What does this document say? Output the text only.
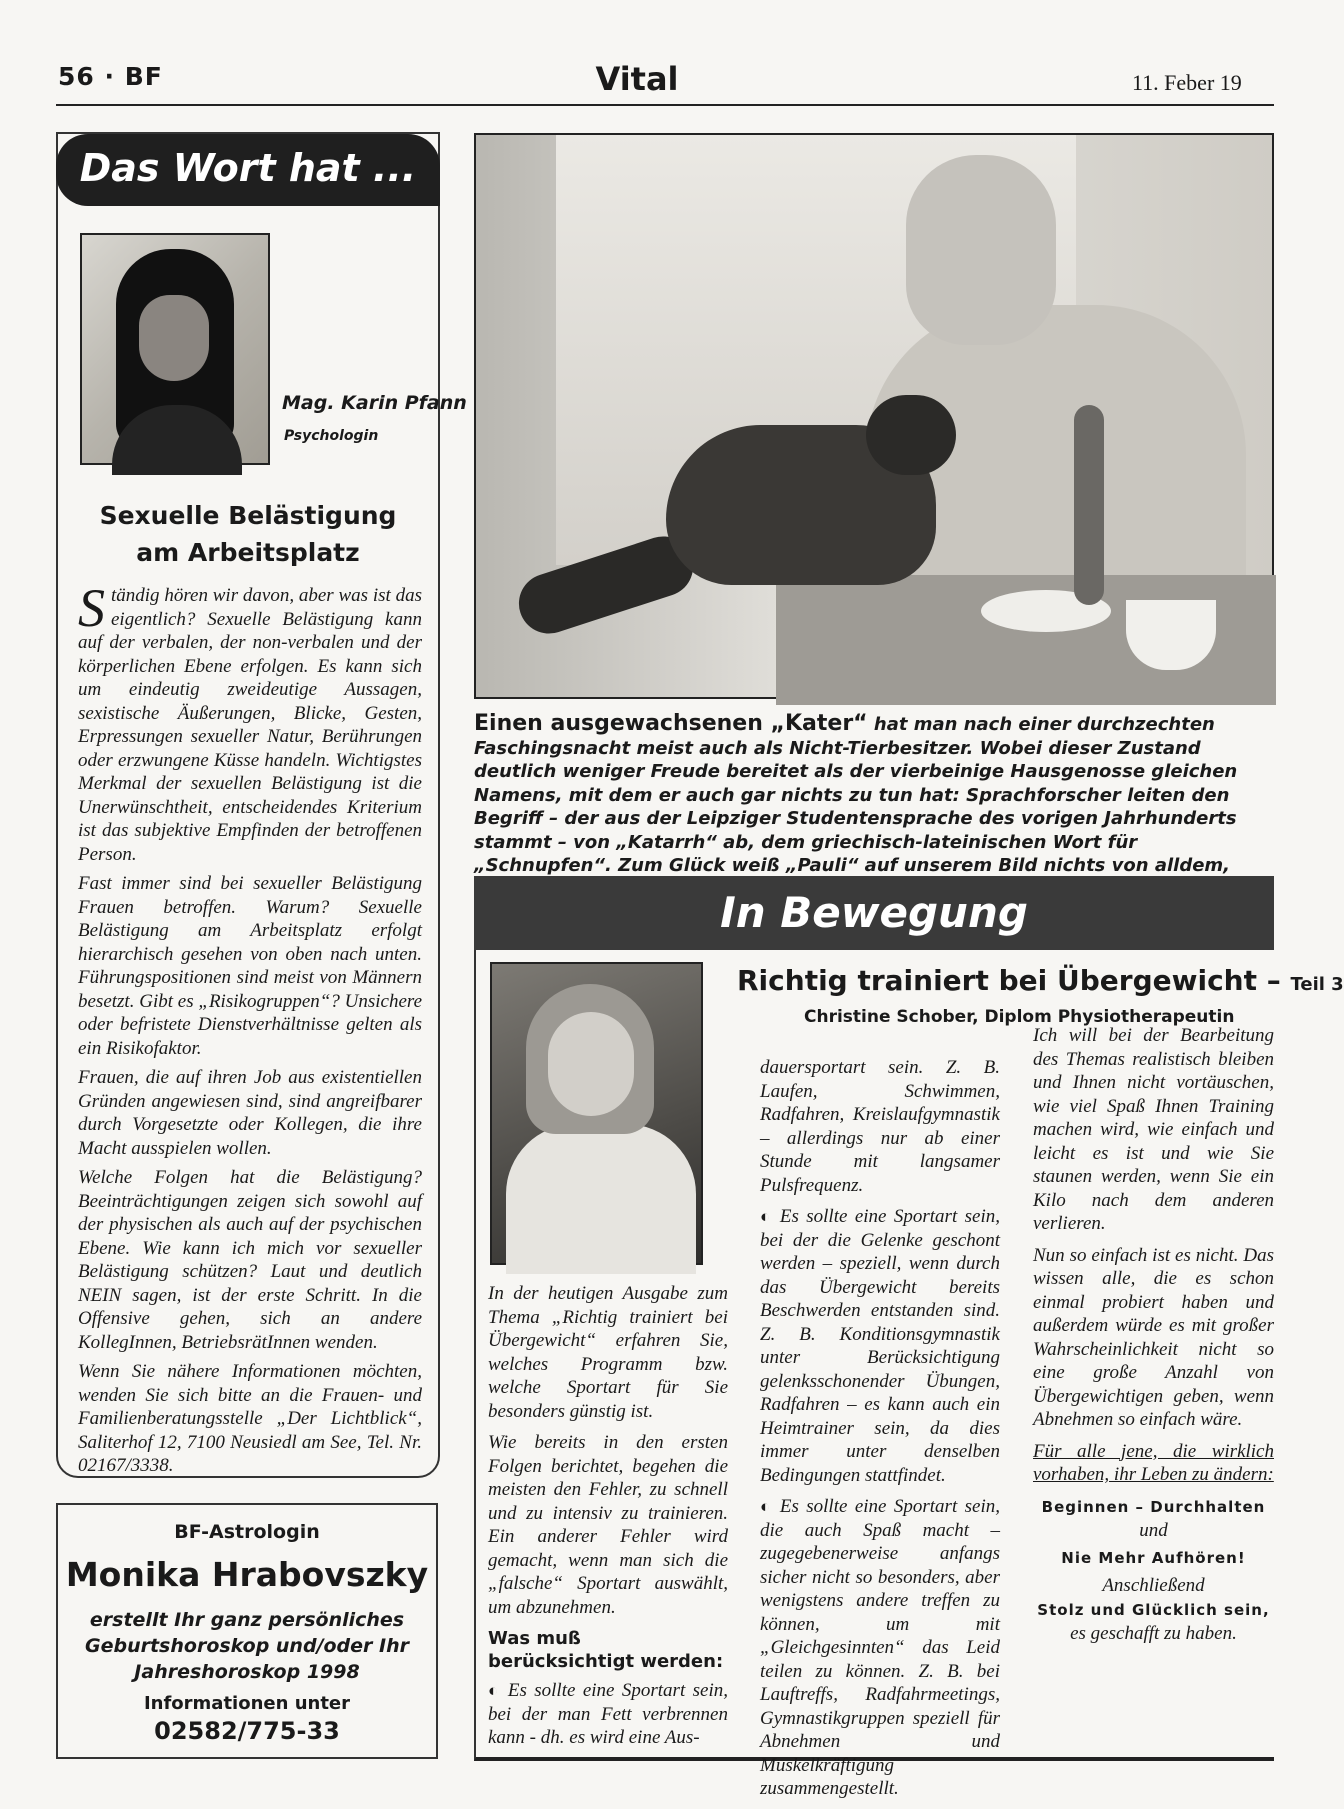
56 · BF	Vital	11. Feber 19
Das Wort hat ...
Mag. Karin Pfann
Psychologin
Sexuelle Belästigung
am Arbeitsplatz

Ständig hören wir davon, aber was ist das eigentlich? Sexuelle Belästigung kann auf der verbalen, der non-verbalen und der körperlichen Ebene erfolgen. Es kann sich um eindeutig zweideutige Aussagen, sexistische Äußerungen, Blicke, Gesten, Erpressungen sexueller Natur, Berührungen oder erzwungene Küsse handeln. Wichtigstes Merkmal der sexuellen Belästigung ist die Unerwünschtheit, entscheidendes Kriterium ist das subjektive Empfinden der betroffenen Person.

Fast immer sind bei sexueller Belästigung Frauen betroffen. Warum? Sexuelle Belästigung am Arbeitsplatz erfolgt hierarchisch gesehen von oben nach unten. Führungspositionen sind meist von Männern besetzt. Gibt es „Risikogruppen“? Unsichere oder befristete Dienstverhältnisse gelten als ein Risikofaktor.

Frauen, die auf ihren Job aus existentiellen Gründen angewiesen sind, sind angreifbarer durch Vorgesetzte oder Kollegen, die ihre Macht ausspielen wollen.

Welche Folgen hat die Belästigung? Beeinträchtigungen zeigen sich sowohl auf der physischen als auch auf der psychischen Ebene. Wie kann ich mich vor sexueller Belästigung schützen? Laut und deutlich NEIN sagen, ist der erste Schritt. In die Offensive gehen, sich an andere KollegInnen, BetriebsrätInnen wenden.

Wenn Sie nähere Informationen möchten, wenden Sie sich bitte an die Frauen- und Familienberatungsstelle „Der Lichtblick“, Saliterhof 12, 7100 Neusiedl am See, Tel. Nr. 02167/3338.

BF-Astrologin
Monika Hrabovszky
erstellt Ihr ganz persönliches
Geburtshoroskop und/oder Ihr
Jahreshoroskop 1998
Informationen unter
02582/775-33
Einen ausgewachsenen „Kater“ hat man nach einer durchzechten Faschingsnacht meist auch als Nicht-Tierbesitzer. Wobei dieser Zustand deutlich weniger Freude bereitet als der vierbeinige Hausgenosse gleichen Namens, mit dem er auch gar nichts zu tun hat: Sprachforscher leiten den Begriff – der aus der Leipziger Studentensprache des vorigen Jahrhunderts stammt – von „Katarrh“ ab, dem griechisch-lateinischen Wort für „Schnupfen“. Zum Glück weiß „Pauli“ auf unserem Bild nichts von alldem,
In Bewegung
Richtig trainiert bei Übergewicht – Teil 3
Christine Schober, Diplom Physiotherapeutin

In der heutigen Ausgabe zum Thema „Richtig trainiert bei Übergewicht“ erfahren Sie, welches Programm bzw. welche Sportart für Sie besonders günstig ist.

Wie bereits in den ersten Folgen berichtet, begehen die meisten den Fehler, zu schnell und zu intensiv zu trainieren. Ein anderer Fehler wird gemacht, wenn man sich die „falsche“ Sportart auswählt, um abzunehmen.

Was muß berücksichtigt werden:

◐ Es sollte eine Sportart sein, bei der man Fett verbrennen kann - dh. es wird eine Aus-

dauersportart sein. Z. B. Laufen, Schwimmen, Radfahren, Kreislaufgymnastik – allerdings nur ab einer Stunde mit langsamer Pulsfrequenz.

◐ Es sollte eine Sportart sein, bei der die Gelenke geschont werden – speziell, wenn durch das Übergewicht bereits Beschwerden entstanden sind. Z. B. Konditionsgymnastik unter Berücksichtigung gelenksschonender Übungen, Radfahren – es kann auch ein Heimtrainer sein, da dies immer unter denselben Bedingungen stattfindet.

◐ Es sollte eine Sportart sein, die auch Spaß macht – zugegebenerweise anfangs sicher nicht so besonders, aber wenigstens andere treffen zu können, um mit „Gleichgesinnten“ das Leid teilen zu können. Z. B. bei Lauftreffs, Radfahrmeetings, Gymnastikgruppen speziell für Abnehmen und Muskelkräftigung zusammengestellt.

Ich will bei der Bearbeitung des Themas realistisch bleiben und Ihnen nicht vortäuschen, wie viel Spaß Ihnen Training machen wird, wie einfach und leicht es ist und wie Sie staunen werden, wenn Sie ein Kilo nach dem anderen verlieren.

Nun so einfach ist es nicht. Das wissen alle, die es schon einmal probiert haben und außerdem würde es mit großer Wahrscheinlichkeit nicht so eine große Anzahl von Übergewichtigen geben, wenn Abnehmen so einfach wäre.

Für alle jene, die wirklich vorhaben, ihr Leben zu ändern:

Beginnen – Durchhalten
und
Nie Mehr Aufhören!
Anschließend
Stolz und Glücklich sein,
es geschafft zu haben.
